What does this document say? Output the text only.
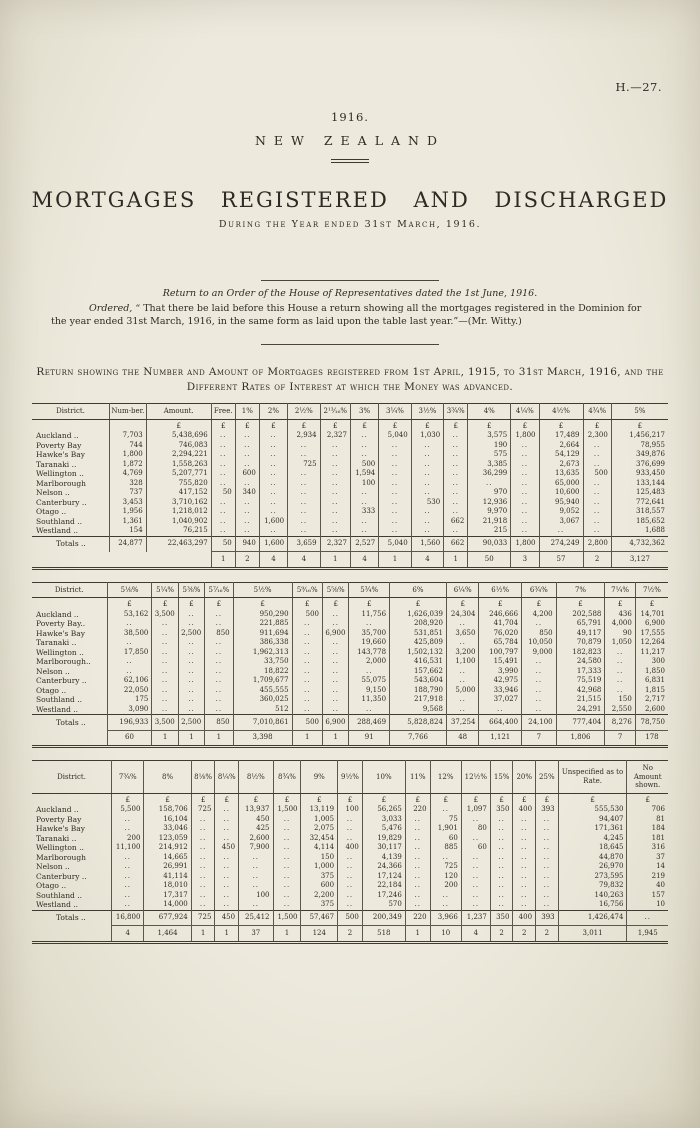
H.—27.
1916.
NEW ZEALAND
MORTGAGES REGISTERED AND DISCHARGED
During the Year ended 31st March, 1916.
Return to an Order of the House of Representatives dated the 1st June, 1916.

Ordered, “ That there be laid before this House a return showing all the mortgages registered in the Dominion for the year ended 31st March, 1916, in the same form as laid upon the table last year.”—(Mr. Witty.)

Return showing the Number and Amount of Mortgages registered from 1st April, 1915, to 31st March, 1916, and the Different Rates of Interest at which the Money was advanced.
District.	Num-ber.	Amount.	Free.	1%	2%	2½%	2¹³⁄₁₆%	3%	3¼%	3½%	3¾%	4%	4¼%	4½%	4¾%	5%
		£	£	£	£	£	£	£	£	£	£	£	£	£	£	£
Auckland ..	7,703	5,438,696	..	..	..	2,934	2,327	..	5,040	1,030	..	3,575	1,800	17,489	2,300	1,456,217
Poverty Bay	744	746,083	..	..	..	..	..	..	..	..	..	190	..	2,664	..	78,955
Hawke's Bay	1,800	2,294,221	..	..	..	..	..	..	..	..	..	575	..	54,129	..	349,876
Taranaki ..	1,872	1,558,263	..	..	..	725	..	500	..	..	..	3,385	..	2,673	..	376,699
Wellington ..	4,769	5,207,771	..	600	..	..	..	1,594	..	..	..	36,299	..	13,635	500	933,450
Marlborough	328	755,820	..	..	..	..	..	100	..	..	..	..	..	65,000	..	133,144
Nelson ..	737	417,152	50	340	..	..	..	..	..	..	..	970	..	10,600	..	125,483
Canterbury ..	3,453	3,710,162	..	..	..	..	..	..	..	530	..	12,936	..	95,940	..	772,641
Otago ..	1,956	1,218,012	..	..	..	..	..	333	..	..	..	9,970	..	9,052	..	318,557
Southland ..	1,361	1,040,902	..	..	1,600	..	..	..	..	..	662	21,918	..	3,067	..	185,652
Westland ..	154	76,215	..	..	..	..	..	..	..	..	..	215	..	..	..	1,688
Totals ..	24,877	22,463,297	50	940	1,600	3,659	2,327	2,527	5,040	1,560	662	90,033	1,800	274,249	2,800	4,732,362
			1	2	4	4	1	4	1	4	1	50	3	57	2	3,127
District.	5⅛%	5¼%	5⅜%	5⁷⁄₁₆%	5½%	5⁹⁄₁₆%	5⅝%	5¾%	6%	6¼%	6½%	6¾%	7%	7¼%	7½%
	£	£	£	£	£	£	£	£	£	£	£	£	£	£	£
Auckland ..	53,162	3,500	..	..	950,290	500	..	11,756	1,626,039	24,304	246,666	4,200	202,588	436	14,701
Poverty Bay..	..	..	..	..	221,885	..	..	..	208,920	..	41,704	..	65,791	4,000	6,900
Hawke's Bay	38,500	..	2,500	850	911,694	..	6,900	35,700	531,851	3,650	76,020	850	49,117	90	17,555
Taranaki ..	..	..	..	..	386,338	..	..	19,660	425,809	..	65,784	10,050	70,879	1,050	12,264
Wellington ..	17,850	..	..	..	1,962,313	..	..	143,778	1,502,132	3,200	100,797	9,000	182,823	..	11,217
Marlborough..	..	..	..	..	33,750	..	..	2,000	416,531	1,100	15,491	..	24,580	..	300
Nelson ..	..	..	..	..	18,822	..	..	..	157,662	..	3,990	..	17,333	..	1,850
Canterbury ..	62,106	..	..	..	1,709,677	..	..	55,075	543,604	..	42,975	..	75,519	..	6,831
Otago ..	22,050	..	..	..	455,555	..	..	9,150	188,790	5,000	33,946	..	42,968	..	1,815
Southland ..	175	..	..	..	360,025	..	..	11,350	217,918	..	37,027	..	21,515	150	2,717
Westland ..	3,090	..	..	..	512	..	..	..	9,568	..	..	..	24,291	2,550	2,600
Totals ..	196,933	3,500	2,500	850	7,010,861	500	6,900	288,469	5,828,824	37,254	664,400	24,100	777,404	8,276	78,750
	60	1	1	1	3,398	1	1	91	7,766	48	1,121	7	1,806	7	178
District.	7¾%	8%	8⅛%	8¼%	8½%	8¾%	9%	9½%	10%	11%	12%	12½%	15%	20%	25%	Unspecified as to Rate.	No Amount shown.
	£	£	£	£	£	£	£	£	£	£	£	£	£	£	£	£	£
Auckland ..	5,500	158,706	725	..	13,937	1,500	13,119	100	56,265	220	..	1,097	350	400	393	555,530	706
Poverty Bay	..	16,104	..	..	450	..	1,005	..	3,033	..	75	..	..	..	..	94,407	81
Hawke's Bay	..	33,046	..	..	425	..	2,075	..	5,476	..	1,901	80	..	..	..	171,361	184
Taranaki ..	200	123,059	..	..	2,600	..	32,454	..	19,829	..	60	..	..	..	..	4,245	181
Wellington ..	11,100	214,912	..	450	7,900	..	4,114	400	30,117	..	885	60	..	..	..	18,645	316
Marlborough	..	14,665	..	..	..	..	150	..	4,139	..	..	..	..	..	..	44,870	37
Nelson ..	..	26,991	..	..	..	..	1,000	..	24,366	..	725	..	..	..	..	26,970	14
Canterbury ..	..	41,114	..	..	..	..	375	..	17,124	..	120	..	..	..	..	273,595	219
Otago ..	..	18,010	..	..	..	..	600	..	22,184	..	200	..	..	..	..	79,832	40
Southland ..	..	17,317	..	..	100	..	2,200	..	17,246	..	..	..	..	..	..	140,263	157
Westland ..	..	14,000	..	..	..	..	375	..	570	..	..	..	..	..	..	16,756	10
Totals ..	16,800	677,924	725	450	25,412	1,500	57,467	500	200,349	220	3,966	1,237	350	400	393	1,426,474	..
	4	1,464	1	1	37	1	124	2	518	1	10	4	2	2	2	3,011	1,945
